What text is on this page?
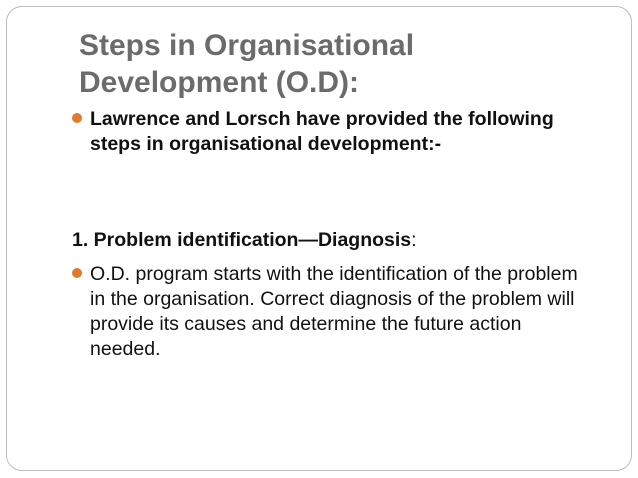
Steps in Organisational
Development (O.D):
Lawrence and Lorsch have provided the following steps in organisational development:-
1. Problem identification—Diagnosis:
O.D. program starts with the identification of the problem in the organisation. Correct diagnosis of the problem will provide its causes and determine the future action needed.
